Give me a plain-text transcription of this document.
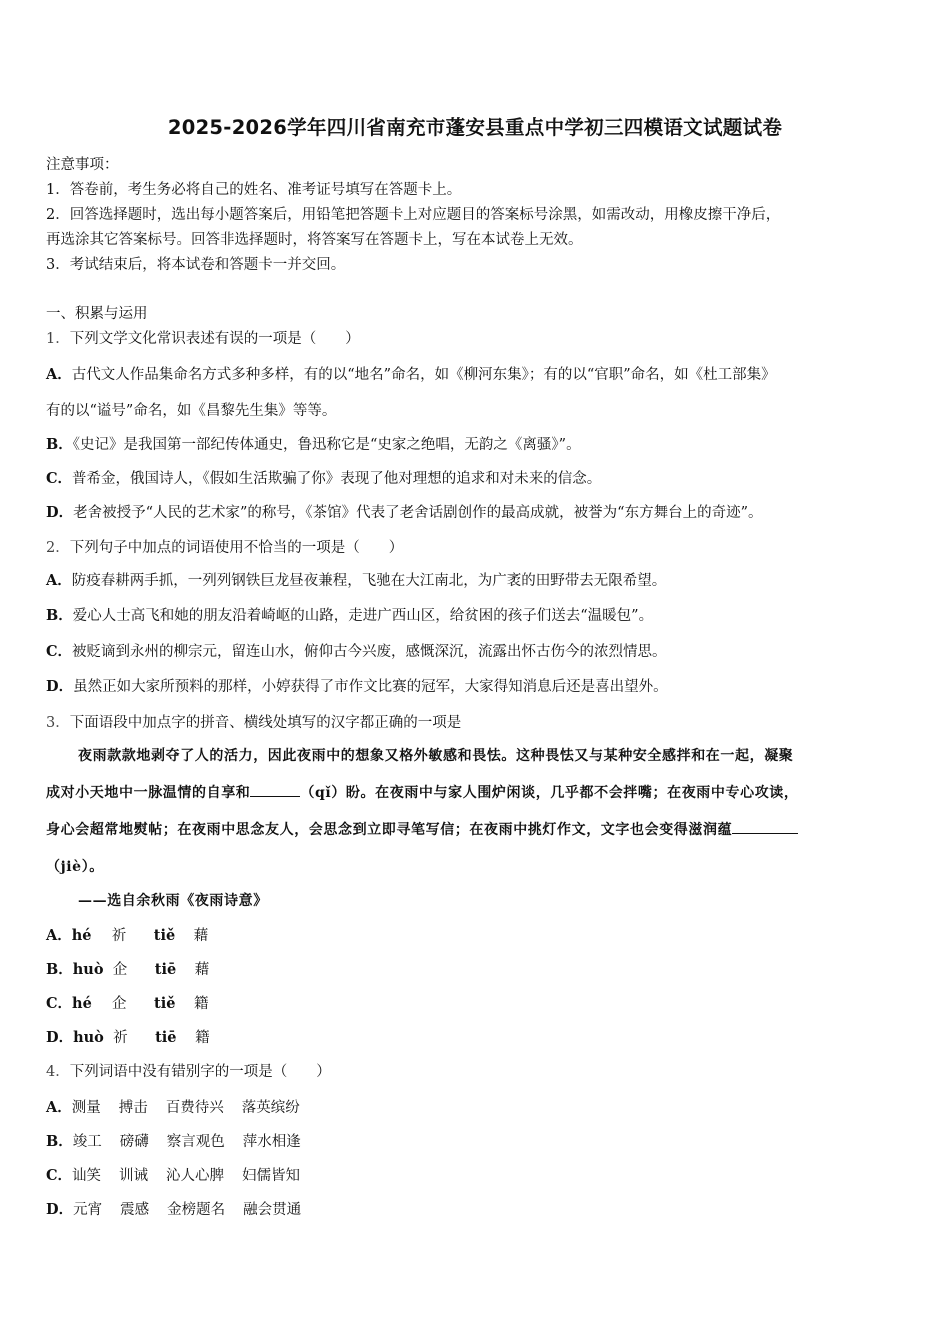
2025-2026学年四川省南充市蓬安县重点中学初三四模语文试题试卷
注意事项：
1．答卷前，考生务必将自己的姓名、准考证号填写在答题卡上。
2．回答选择题时，选出每小题答案后，用铅笔把答题卡上对应题目的答案标号涂黑，如需改动，用橡皮擦干净后，
再选涂其它答案标号。回答非选择题时，将答案写在答题卡上，写在本试卷上无效。
3．考试结束后，将本试卷和答题卡一并交回。
一、积累与运用
1．下列文学文化常识表述有误的一项是（　　）
A．古代文人作品集命名方式多种多样，有的以“地名”命名，如《柳河东集》；有的以“官职”命名，如《杜工部集》
有的以“谥号”命名，如《昌黎先生集》等等。
B．《史记》是我国第一部纪传体通史，鲁迅称它是“史家之绝唱，无韵之《离骚》”。
C．普希金，俄国诗人，《假如生活欺骗了你》表现了他对理想的追求和对未来的信念。
D．老舍被授予“人民的艺术家”的称号，《茶馆》代表了老舍话剧创作的最高成就，被誉为“东方舞台上的奇迹”。
2．下列句子中加点的词语使用不恰当的一项是（　　）
A．防疫春耕两手抓，一列列钢铁巨龙昼夜兼程，飞驰在大江南北，为广袤的田野带去无限希望。
B．爱心人士高飞和她的朋友沿着崎岖的山路，走进广西山区，给贫困的孩子们送去“温暖包”。
C．被贬谪到永州的柳宗元，留连山水，俯仰古今兴废，感慨深沉，流露出怀古伤今的浓烈情思。
D．虽然正如大家所预料的那样，小婷获得了市作文比赛的冠军，大家得知消息后还是喜出望外。
3．下面语段中加点字的拼音、横线处填写的汉字都正确的一项是
夜雨款款地剥夺了人的活力，因此夜雨中的想象又格外敏感和畏怯。这种畏怯又与某种安全感拌和在一起，凝聚
成对小天地中一脉温情的自享和	（qǐ）盼。在夜雨中与家人围炉闲谈，几乎都不会拌嘴；在夜雨中专心攻读，
身心会超常地熨帖；在夜雨中思念友人，会思念到立即寻笔写信；在夜雨中挑灯作文，文字也会变得滋润蕴
（jiè）。
——选自余秋雨《夜雨诗意》
A．hé 祈 tiě 藉
B．huò 企 tiē 藉
C．hé 企 tiě 籍
D．huò 祈 tiē 籍
4．下列词语中没有错别字的一项是（　　）
A．测量 搏击 百费待兴 落英缤纷
B．竣工 磅礴 察言观色 萍水相逢
C．讪笑 训诫 沁人心脾 妇儒皆知
D．元宵 震感 金榜题名 融会贯通
